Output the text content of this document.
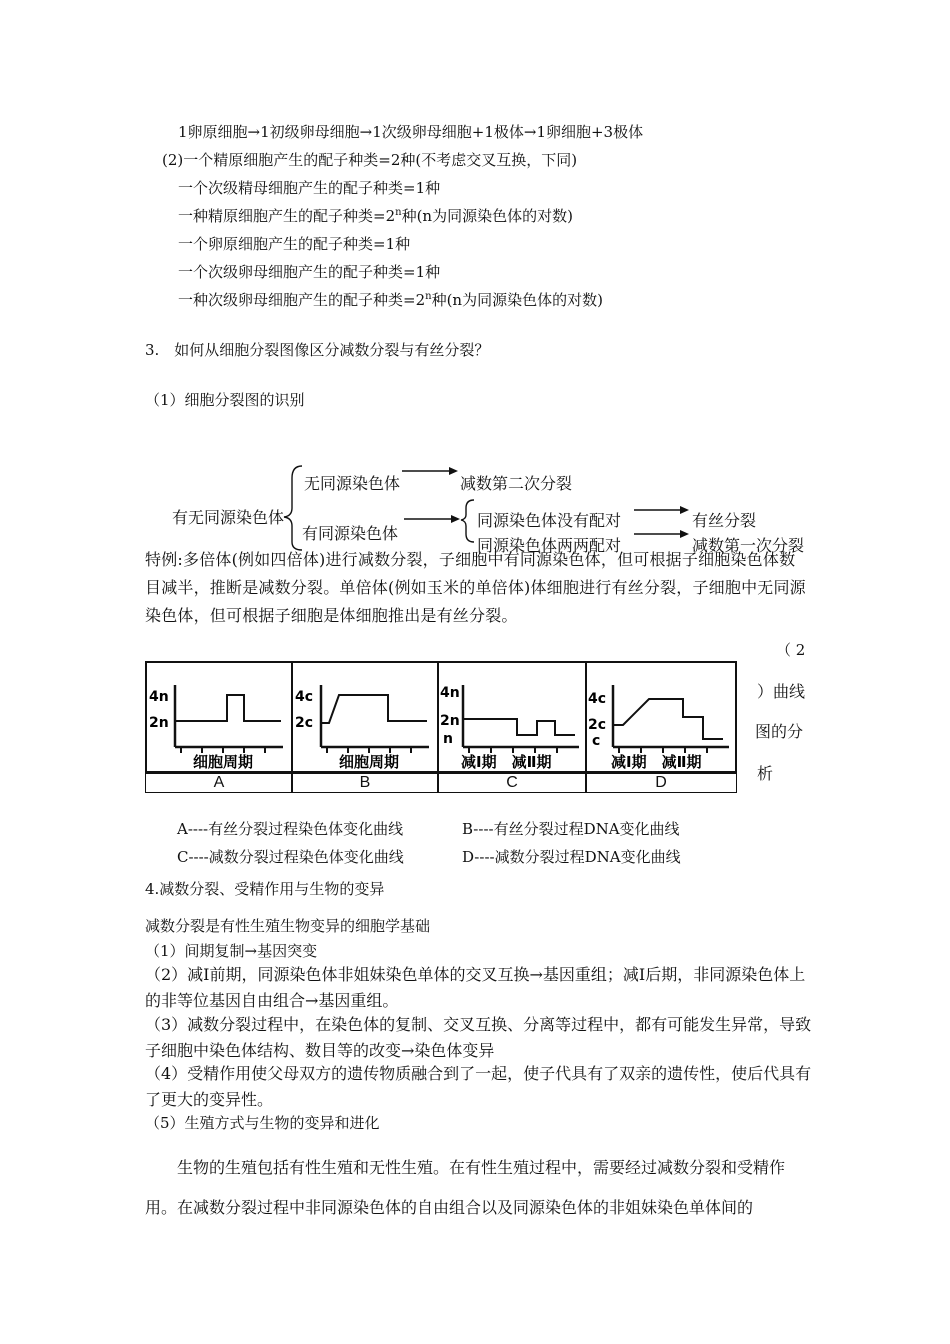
1卵原细胞→1初级卵母细胞→1次级卵母细胞+1极体→1卵细胞+3极体
(2)一个精原细胞产生的配子种类=2种(不考虑交叉互换，下同)
一个次级精母细胞产生的配子种类=1种
一种精原细胞产生的配子种类$=2^n$种(n为同源染色体的对数)
一个卵原细胞产生的配子种类=1种
一个次级卵母细胞产生的配子种类=1种
一种次级卵母细胞产生的配子种类$=2^n$种(n为同源染色体的对数)
3.　如何从细胞分裂图像区分减数分裂与有丝分裂？
（1）细胞分裂图的识别
有无同源染色体
无同源染色体	减数第二次分裂
有同源染色体
同源染色体没有配对
同源染色体两两配对
有丝分裂
减数第一次分裂
特例:多倍体(例如四倍体)进行减数分裂，子细胞中有同源染色体，但可根据子细胞染色体数目减半，推断是减数分裂。单倍体(例如玉米的单倍体)体细胞进行有丝分裂，子细胞中无同源染色体，但可根据子细胞是体细胞推出是有丝分裂。
（ 2
）曲线
图的分
析
4n
2n
细胞周期
4c
2c
细胞周期
4n
2n
n
减Ⅰ期　减Ⅱ期
4c
2c
c
减Ⅰ期　减Ⅱ期
A	B	C	D
A----有丝分裂过程染色体变化曲线	B----有丝分裂过程DNA变化曲线
C----减数分裂过程染色体变化曲线	D----减数分裂过程DNA变化曲线
4.减数分裂、受精作用与生物的变异
减数分裂是有性生殖生物变异的细胞学基础
（1）间期复制→基因突变
（2）减Ⅰ前期，同源染色体非姐妹染色单体的交叉互换→基因重组；减Ⅰ后期，非同源染色体上的非等位基因自由组合→基因重组。
（3）减数分裂过程中，在染色体的复制、交叉互换、分离等过程中，都有可能发生异常，导致子细胞中染色体结构、数目等的改变→染色体变异
（4）受精作用使父母双方的遗传物质融合到了一起，使子代具有了双亲的遗传性，使后代具有了更大的变异性。
（5）生殖方式与生物的变异和进化
　　生物的生殖包括有性生殖和无性生殖。在有性生殖过程中，需要经过减数分裂和受精作用。在减数分裂过程中非同源染色体的自由组合以及同源染色体的非姐妹染色单体间的
